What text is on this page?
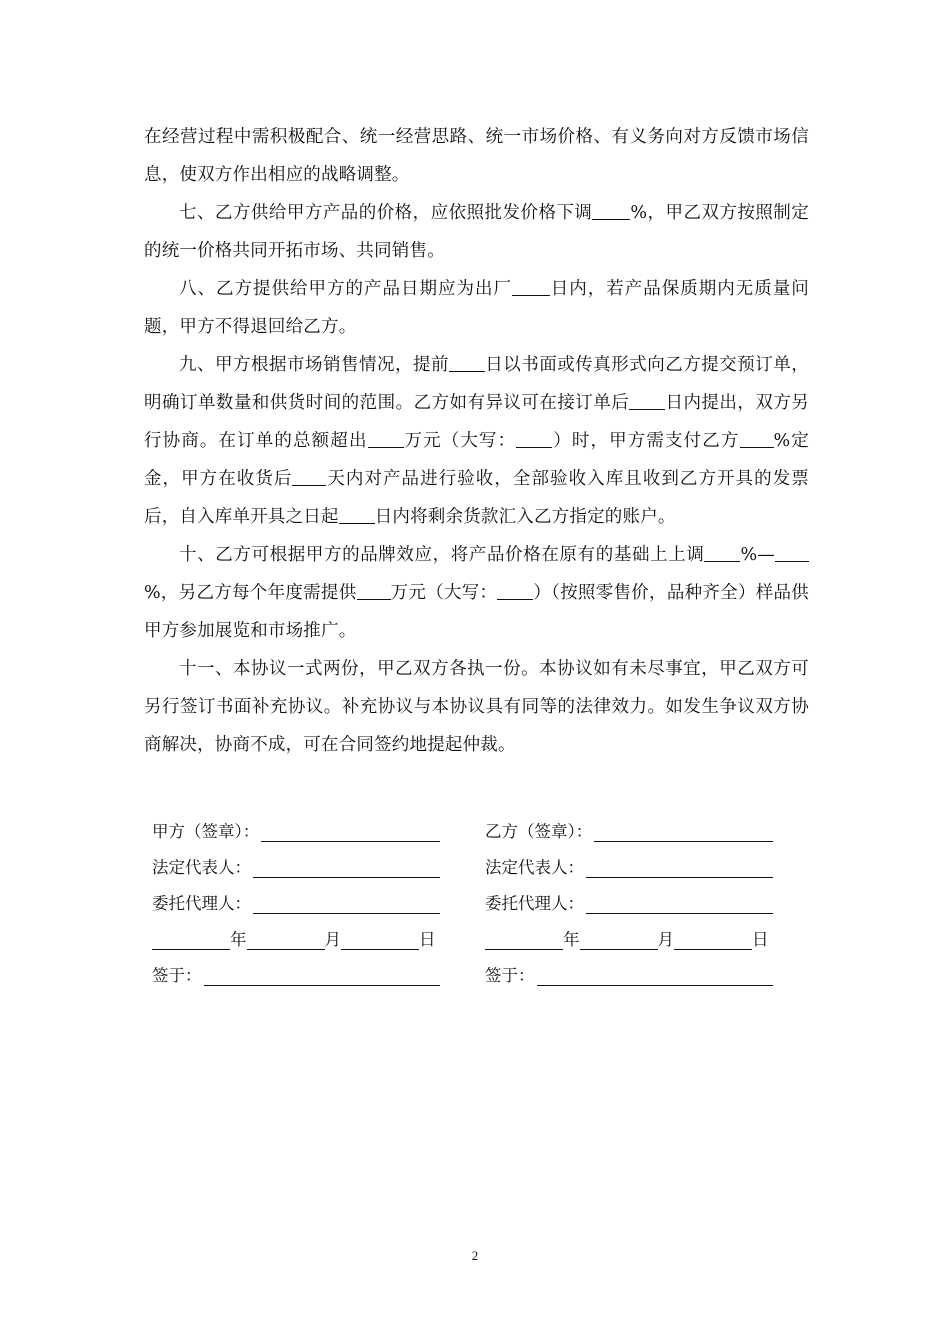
在经营过程中需积极配合、统一经营思路、统一市场价格、有义务向对方反馈市场信息，使双方作出相应的战略调整。

七、乙方供给甲方产品的价格，应依照批发价格下调 %，甲乙双方按照制定的统一价格共同开拓市场、共同销售。

八、乙方提供给甲方的产品日期应为出厂 日内，若产品保质期内无质量问题，甲方不得退回给乙方。

九、甲方根据市场销售情况，提前 日以书面或传真形式向乙方提交预订单，明确订单数量和供货时间的范围。乙方如有异议可在接订单后 日内提出，双方另行协商。在订单的总额超出 万元（大写： ）时，甲方需支付乙方 %定金，甲方在收货后 天内对产品进行验收，全部验收入库且收到乙方开具的发票后，自入库单开具之日起 日内将剩余货款汇入乙方指定的账户。

十、乙方可根据甲方的品牌效应，将产品价格在原有的基础上上调 %—%，另乙方每个年度需提供 万元（大写： ）（按照零售价，品种齐全）样品供甲方参加展览和市场推广。

十一、本协议一式两份，甲乙双方各执一份。本协议如有未尽事宜，甲乙双方可另行签订书面补充协议。补充协议与本协议具有同等的法律效力。如发生争议双方协商解决，协商不成，可在合同签约地提起仲裁。

甲方（签章）：	乙方（签章）：
法定代表人：	法定代表人：
委托代理人：	委托代理人：
年	月	日	年	月	日
签于：	签于：
2
